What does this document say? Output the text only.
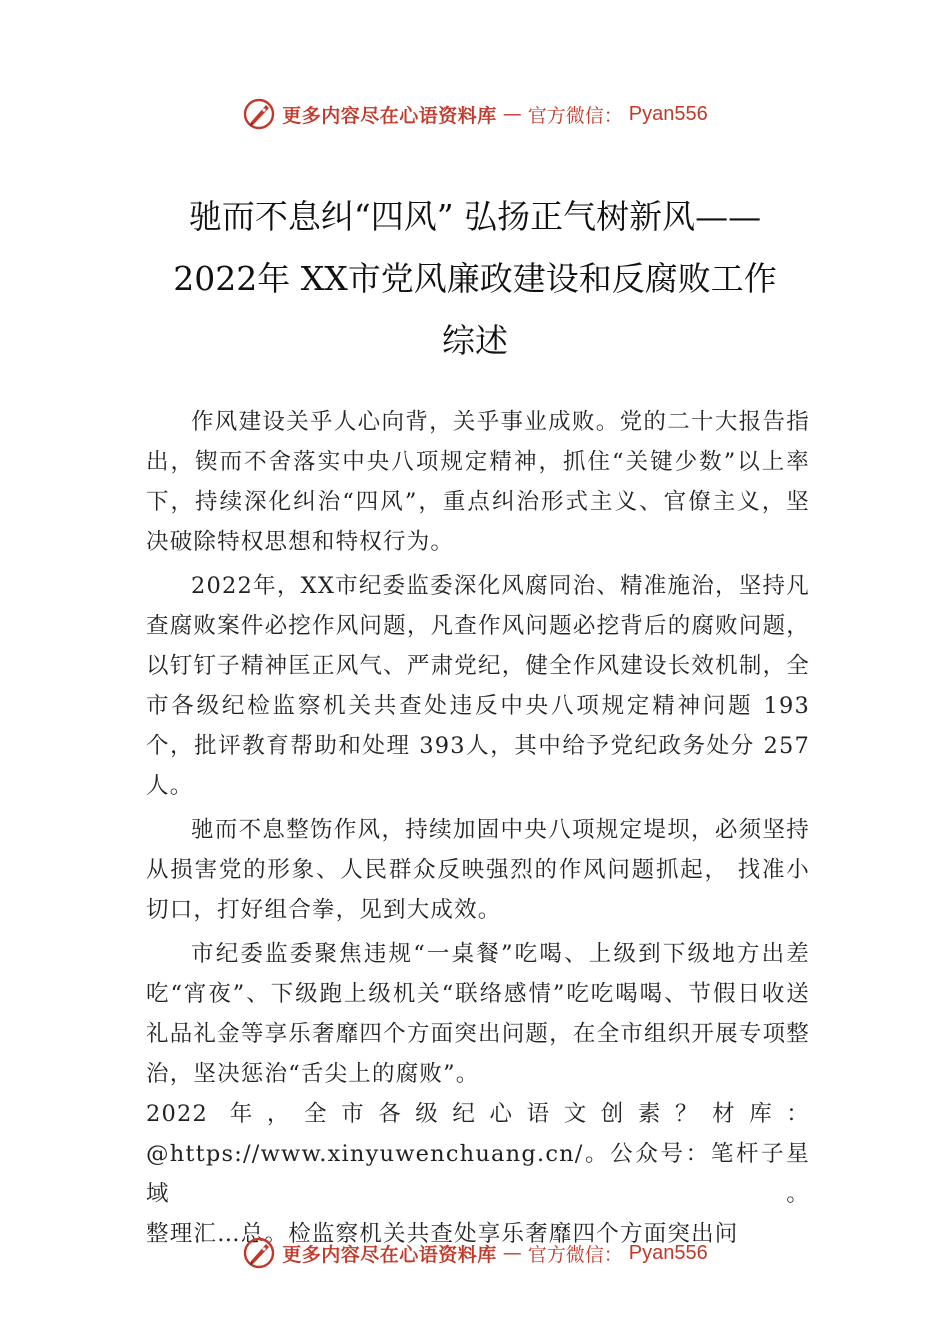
更多内容尽在心语资料库 — 官方微信： Pyan556
驰而不息纠“四风” 弘扬正气树新风——
2022年 XX市党风廉政建设和反腐败工作
综述

作风建设关乎人心向背，关乎事业成败。党的二十大报告指出，锲而不舍落实中央八项规定精神，抓住“关键少数”以上率下，持续深化纠治“四风”，重点纠治形式主义、官僚主义，坚决破除特权思想和特权行为。

2022年，XX市纪委监委深化风腐同治、精准施治，坚持凡查腐败案件必挖作风问题，凡查作风问题必挖背后的腐败问题，以钉钉子精神匡正风气、严肃党纪，健全作风建设长效机制，全市各级纪检监察机关共查处违反中央八项规定精神问题 193个，批评教育帮助和处理 393人，其中给予党纪政务处分 257人。

驰而不息整饬作风，持续加固中央八项规定堤坝，必须坚持从损害党的形象、人民群众反映强烈的作风问题抓起， 找准小切口，打好组合拳，见到大成效。

市纪委监委聚焦违规“一桌餐”吃喝、上级到下级地方出差吃“宵夜”、下级跑上级机关“联络感情”吃吃喝喝、节假日收送礼品礼金等享乐奢靡四个方面突出问题，在全市组织开展专项整治，坚决惩治“舌尖上的腐败”。

2022 年，全市各级纪心语文创素？材库：

@https://www.xinyuwenchuang.cn/。公众号：笔杆子星域。

整理汇…总。检监察机关共查处享乐奢靡四个方面突出问

更多内容尽在心语资料库 — 官方微信： Pyan556
